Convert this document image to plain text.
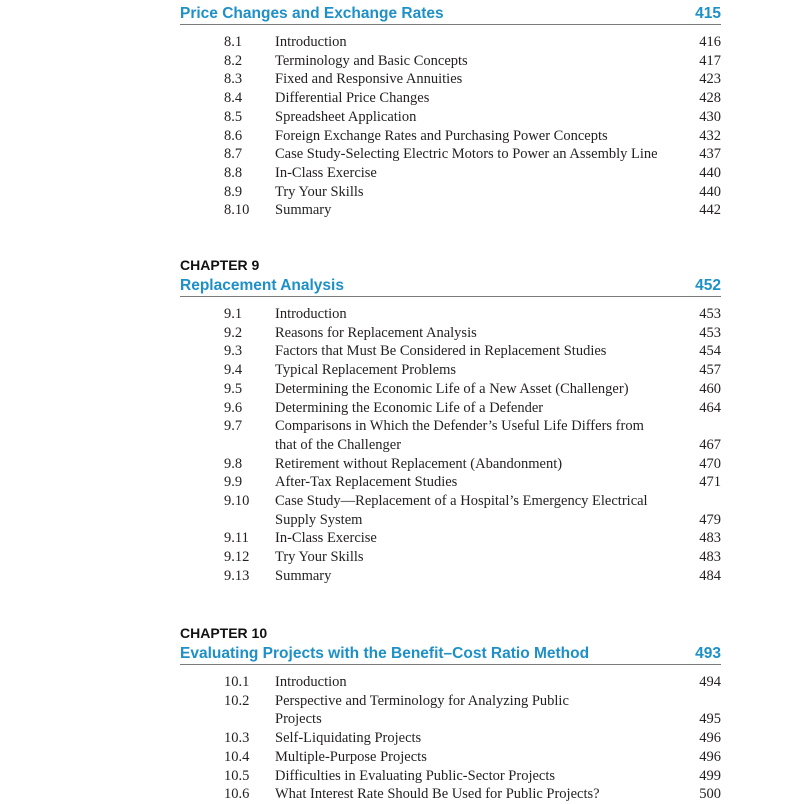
Price Changes and Exchange Rates	415
8.1	Introduction	416
8.2	Terminology and Basic Concepts	417
8.3	Fixed and Responsive Annuities	423
8.4	Differential Price Changes	428
8.5	Spreadsheet Application	430
8.6	Foreign Exchange Rates and Purchasing Power Concepts	432
8.7	Case Study-Selecting Electric Motors to Power an Assembly Line	437
8.8	In-Class Exercise	440
8.9	Try Your Skills	440
8.10	Summary	442
CHAPTER 9
Replacement Analysis	452
9.1	Introduction	453
9.2	Reasons for Replacement Analysis	453
9.3	Factors that Must Be Considered in Replacement Studies	454
9.4	Typical Replacement Problems	457
9.5	Determining the Economic Life of a New Asset (Challenger)	460
9.6	Determining the Economic Life of a Defender	464
9.7	Comparisons in Which the Defender’s Useful Life Differs from
that of the Challenger	467
9.8	Retirement without Replacement (Abandonment)	470
9.9	After-Tax Replacement Studies	471
9.10	Case Study—Replacement of a Hospital’s Emergency Electrical
Supply System	479
9.11	In-Class Exercise	483
9.12	Try Your Skills	483
9.13	Summary	484
CHAPTER 10
Evaluating Projects with the Benefit–Cost Ratio Method	493
10.1	Introduction	494
10.2	Perspective and Terminology for Analyzing Public
Projects	495
10.3	Self-Liquidating Projects	496
10.4	Multiple-Purpose Projects	496
10.5	Difficulties in Evaluating Public-Sector Projects	499
10.6	What Interest Rate Should Be Used for Public Projects?	500
